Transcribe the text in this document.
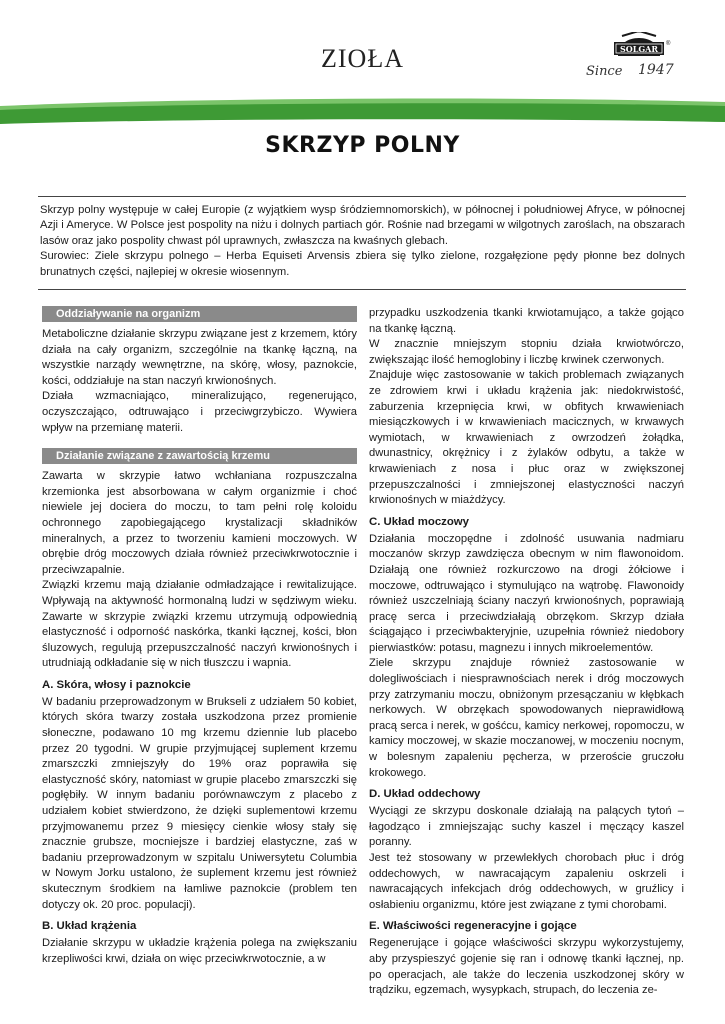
ZIOŁA	SOLGAR ®
Since 1947
SKRZYP POLNY

Skrzyp polny występuje w całej Europie (z wyjątkiem wysp śródziemnomorskich), w północnej i południowej Afryce, w północnej Azji i Ameryce. W Polsce jest pospolity na niżu i dolnych partiach gór. Rośnie nad brzegami w wilgotnych zaroślach, na obszarach lasów oraz jako pospolity chwast pól uprawnych, zwłaszcza na kwaśnych glebach.

Surowiec: Ziele skrzypu polnego – Herba Equiseti Arvensis zbiera się tylko zielone, rozgałęzione pędy płonne bez dolnych brunatnych części, najlepiej w okresie wiosennym.

Oddziaływanie na organizm

Metaboliczne działanie skrzypu związane jest z krzemem, który działa na cały organizm, szczególnie na tkankę łączną, na wszystkie narządy wewnętrzne, na skórę, włosy, paznokcie, kości, oddziałuje na stan naczyń krwionośnych.

Działa wzmacniająco, mineralizująco, regenerująco, oczyszczająco, odtruwająco i przeciwgrzybiczo. Wywiera wpływ na przemianę materii.

Działanie związane z zawartością krzemu

Zawarta w skrzypie łatwo wchłaniana rozpuszczalna krzemionka jest absorbowana w całym organizmie i choć niewiele jej dociera do moczu, to tam pełni rolę koloidu ochronnego zapobiegającego krystalizacji składników mineralnych, a przez to tworzeniu kamieni moczowych. W obrębie dróg moczowych działa również przeciwkrwotocznie i przeciwzapalnie.

Związki krzemu mają działanie odmładzające i rewitalizujące. Wpływają na aktywność hormonalną ludzi w sędziwym wieku. Zawarte w skrzypie związki krzemu utrzymują odpowiednią elastyczność i odporność naskórka, tkanki łącznej, kości, błon śluzowych, regulują przepuszczalność naczyń krwionośnych i utrudniają odkładanie się w nich tłuszczu i wapnia.

A. Skóra, włosy i paznokcie

W badaniu przeprowadzonym w Brukseli z udziałem 50 kobiet, których skóra twarzy została uszkodzona przez promienie słoneczne, podawano 10 mg krzemu dziennie lub placebo przez 20 tygodni. W grupie przyjmującej suplement krzemu zmarszczki zmniejszyły do 19% oraz poprawiła się elastyczność skóry, natomiast w grupie placebo zmarszczki się pogłębiły. W innym badaniu porównawczym z placebo z udziałem kobiet stwierdzono, że dzięki suplementowi krzemu przyjmowanemu przez 9 miesięcy cienkie włosy stały się znacznie grubsze, mocniejsze i bardziej elastyczne, zaś w badaniu przeprowadzonym w szpitalu Uniwersytetu Columbia w Nowym Jorku ustalono, że suplement krzemu jest również skutecznym środkiem na łamliwe paznokcie (problem ten dotyczy ok. 20 proc. populacji).

B. Układ krążenia

Działanie skrzypu w układzie krążenia polega na zwiększaniu krzepliwości krwi, działa on więc przeciwkrwotocznie, a w

przypadku uszkodzenia tkanki krwiotamująco, a także gojąco na tkankę łączną.

W znacznie mniejszym stopniu działa krwiotwórczo, zwiększając ilość hemoglobiny i liczbę krwinek czerwonych.

Znajduje więc zastosowanie w takich problemach związanych ze zdrowiem krwi i układu krążenia jak: niedokrwistość, zaburzenia krzepnięcia krwi, w obfitych krwawieniach miesiączkowych i w krwawieniach macicznych, w krwawych wymiotach, w krwawieniach z owrzodzeń żołądka, dwunastnicy, okrężnicy i z żylaków odbytu, a także w krwawieniach z nosa i płuc oraz w zwiększonej przepuszczalności i zmniejszonej elastyczności naczyń krwionośnych w miażdżycy.

C. Układ moczowy

Działania moczopędne i zdolność usuwania nadmiaru moczanów skrzyp zawdzięcza obecnym w nim flawonoidom. Działają one również rozkurczowo na drogi żółciowe i moczowe, odtruwająco i stymulująco na wątrobę. Flawonoidy również uszczelniają ściany naczyń krwionośnych, poprawiają pracę serca i przeciwdziałają obrzękom. Skrzyp działa ściągająco i przeciwbakteryjnie, uzupełnia również niedobory pierwiastków: potasu, magnezu i innych mikroelementów.

Ziele skrzypu znajduje również zastosowanie w dolegliwościach i niesprawnościach nerek i dróg moczowych przy zatrzymaniu moczu, obniżonym przesączaniu w kłębkach nerkowych. W obrzękach spowodowanych nieprawidłową pracą serca i nerek, w gośćcu, kamicy nerkowej, ropomoczu, w kamicy moczowej, w skazie moczanowej, w moczeniu nocnym, w bolesnym zapaleniu pęcherza, w przeroście gruczołu krokowego.

D. Układ oddechowy

Wyciągi ze skrzypu doskonale działają na palących tytoń – łagodząco i zmniejszając suchy kaszel i męczący kaszel poranny.

Jest też stosowany w przewlekłych chorobach płuc i dróg oddechowych, w nawracającym zapaleniu oskrzeli i nawracających infekcjach dróg oddechowych, w gruźlicy i osłabieniu organizmu, które jest związane z tymi chorobami.

E. Właściwości regeneracyjne i gojące

Regenerujące i gojące właściwości skrzypu wykorzystujemy, aby przyspieszyć gojenie się ran i odnowę tkanki łącznej, np. po operacjach, ale także do leczenia uszkodzonej skóry w trądziku, egzemach, wysypkach, strupach, do leczenia ze-
